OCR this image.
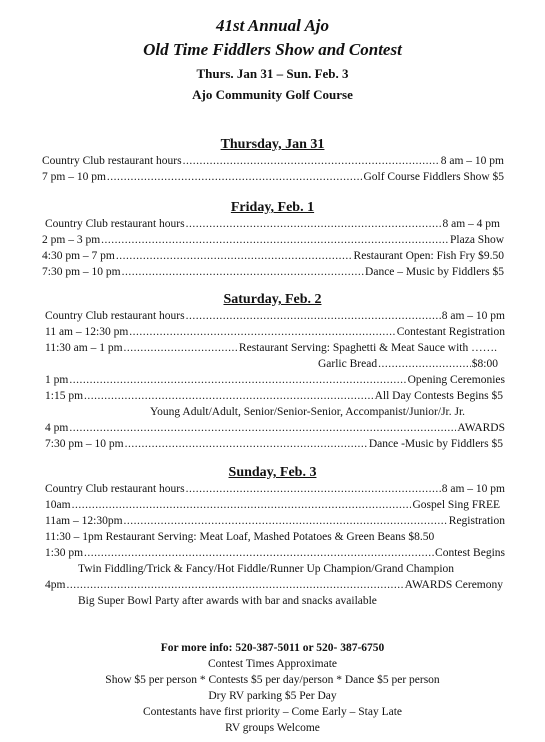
41st Annual Ajo
Old Time Fiddlers Show and Contest
Thurs. Jan 31 – Sun. Feb. 3
Ajo Community Golf Course
Thursday, Jan 31
Country Club restaurant hours .....	8 am – 10 pm
7 pm – 10 pm .....	Golf Course Fiddlers Show $5
Friday, Feb. 1
Country Club restaurant hours .....	8 am – 4 pm
2 pm – 3 pm .....	Plaza Show
4:30 pm – 7 pm .....	Restaurant Open: Fish Fry $9.50
7:30 pm – 10 pm .....	Dance – Music by Fiddlers $5
Saturday, Feb. 2
Country Club restaurant hours .....	8 am – 10 pm
11 am – 12:30 pm .....	Contestant Registration
11:30 am – 1 pm .....	Restaurant Serving: Spaghetti & Meat Sauce with …….
Garlic Bread .....	$8:00
1 pm .....	Opening Ceremonies
1:15 pm .....	All Day Contests Begins $5
Young Adult/Adult, Senior/Senior-Senior, Accompanist/Junior/Jr. Jr.
4 pm .....	AWARDS
7:30 pm – 10 pm .....	Dance -Music by Fiddlers $5
Sunday, Feb. 3
Country Club restaurant hours .....	8 am – 10 pm
10am .....	Gospel Sing FREE
11am – 12:30pm .....	Registration
11:30 – 1pm Restaurant Serving: Meat Loaf, Mashed Potatoes & Green Beans $8.50
1:30 pm .....	Contest Begins
Twin Fiddling/Trick & Fancy/Hot Fiddle/Runner Up Champion/Grand Champion
4pm .....	AWARDS Ceremony
Big Super Bowl Party after awards with bar and snacks available
For more info: 520-387-5011 or 520- 387-6750
Contest Times Approximate
Show $5 per person * Contests $5 per day/person * Dance $5 per person
Dry RV parking $5 Per Day
Contestants have first priority – Come Early – Stay Late
RV groups Welcome
